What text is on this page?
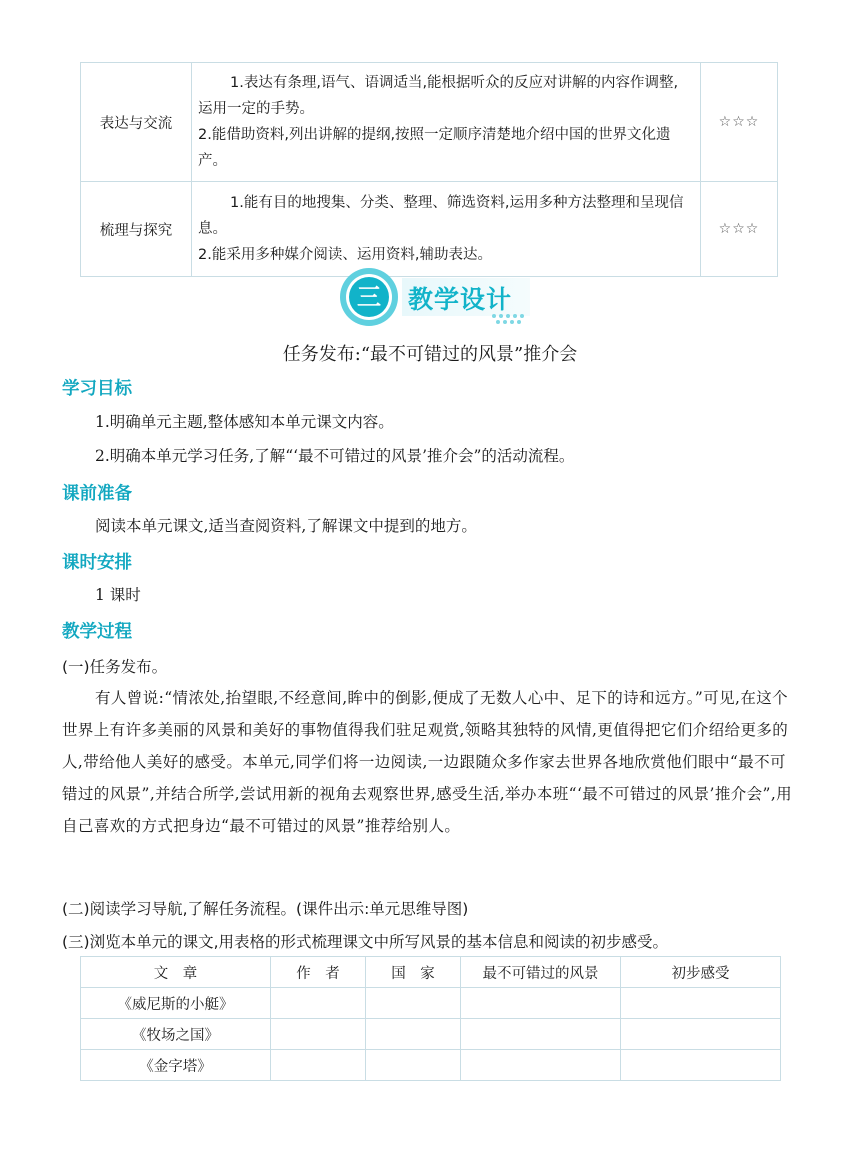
表达与交流	1.表达有条理,语气、语调适当,能根据听众的反应对讲解的内容作调整,运用一定的手势。

2.能借助资料,列出讲解的提纲,按照一定顺序清楚地介绍中国的世界文化遗产。	☆☆☆
梳理与探究	1.能有目的地搜集、分类、整理、筛选资料,运用多种方法整理和呈现信息。

2.能采用多种媒介阅读、运用资料,辅助表达。	☆☆☆
三	教学设计
任务发布:“最不可错过的风景”推介会
学习目标
1.明确单元主题,整体感知本单元课文内容。
2.明确本单元学习任务,了解“‘最不可错过的风景’推介会”的活动流程。
课前准备
阅读本单元课文,适当查阅资料,了解课文中提到的地方。
课时安排
1 课时
教学过程
(一)任务发布。
有人曾说:“情浓处,抬望眼,不经意间,眸中的倒影,便成了无数人心中、足下的诗和远方。”可见,在这个世界上有许多美丽的风景和美好的事物值得我们驻足观赏,领略其独特的风情,更值得把它们介绍给更多的人,带给他人美好的感受。本单元,同学们将一边阅读,一边跟随众多作家去世界各地欣赏他们眼中“最不可错过的风景”,并结合所学,尝试用新的视角去观察世界,感受生活,举办本班“‘最不可错过的风景’推介会”,用自己喜欢的方式把身边“最不可错过的风景”推荐给别人。
(二)阅读学习导航,了解任务流程。(课件出示:单元思维导图)
(三)浏览本单元的课文,用表格的形式梳理课文中所写风景的基本信息和阅读的初步感受。
文　章	作　者	国　家	最不可错过的风景	初步感受
《威尼斯的小艇》				
《牧场之国》				
《金字塔》				
